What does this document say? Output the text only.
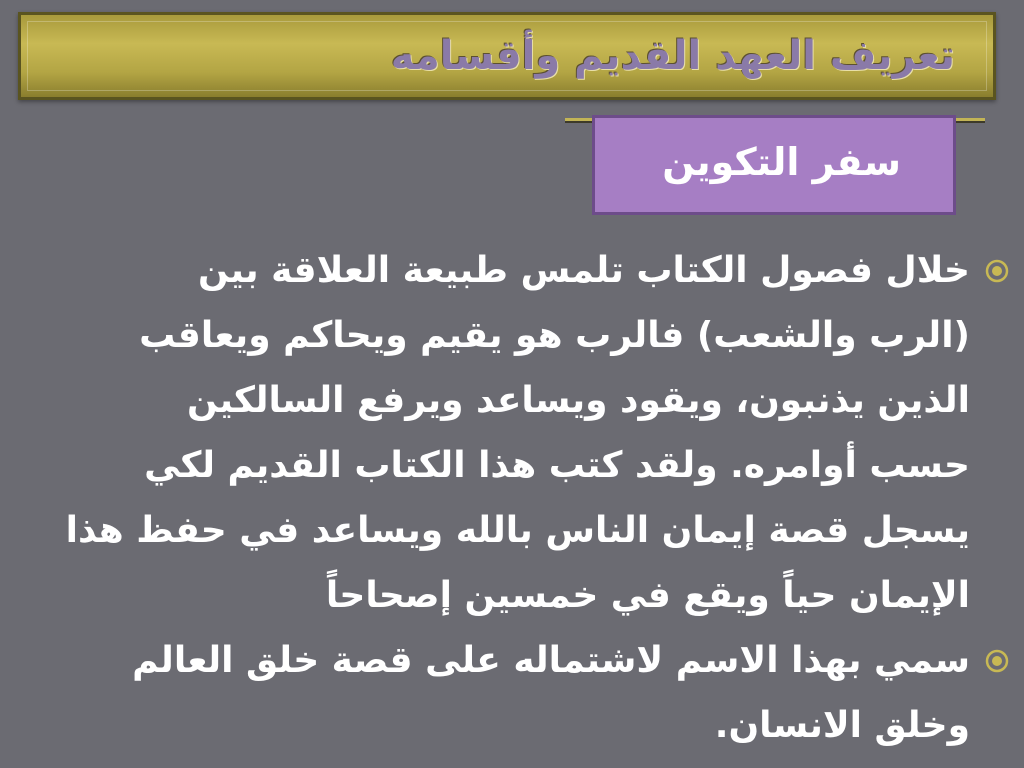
تعريف العهد القديم وأقسامه
سفر التكوين
خلال فصول الكتاب تلمس طبيعة العلاقة بين
(الرب والشعب) فالرب هو يقيم ويحاكم ويعاقب
الذين يذنبون، ويقود ويساعد ويرفع السالكين
حسب أوامره. ولقد كتب هذا الكتاب القديم لكي
يسجل قصة إيمان الناس بالله ويساعد في حفظ هذا
الإيمان حياً ويقع في خمسين إصحاحاً
سمي بهذا الاسم لاشتماله على قصة خلق العالم
وخلق الانسان.
